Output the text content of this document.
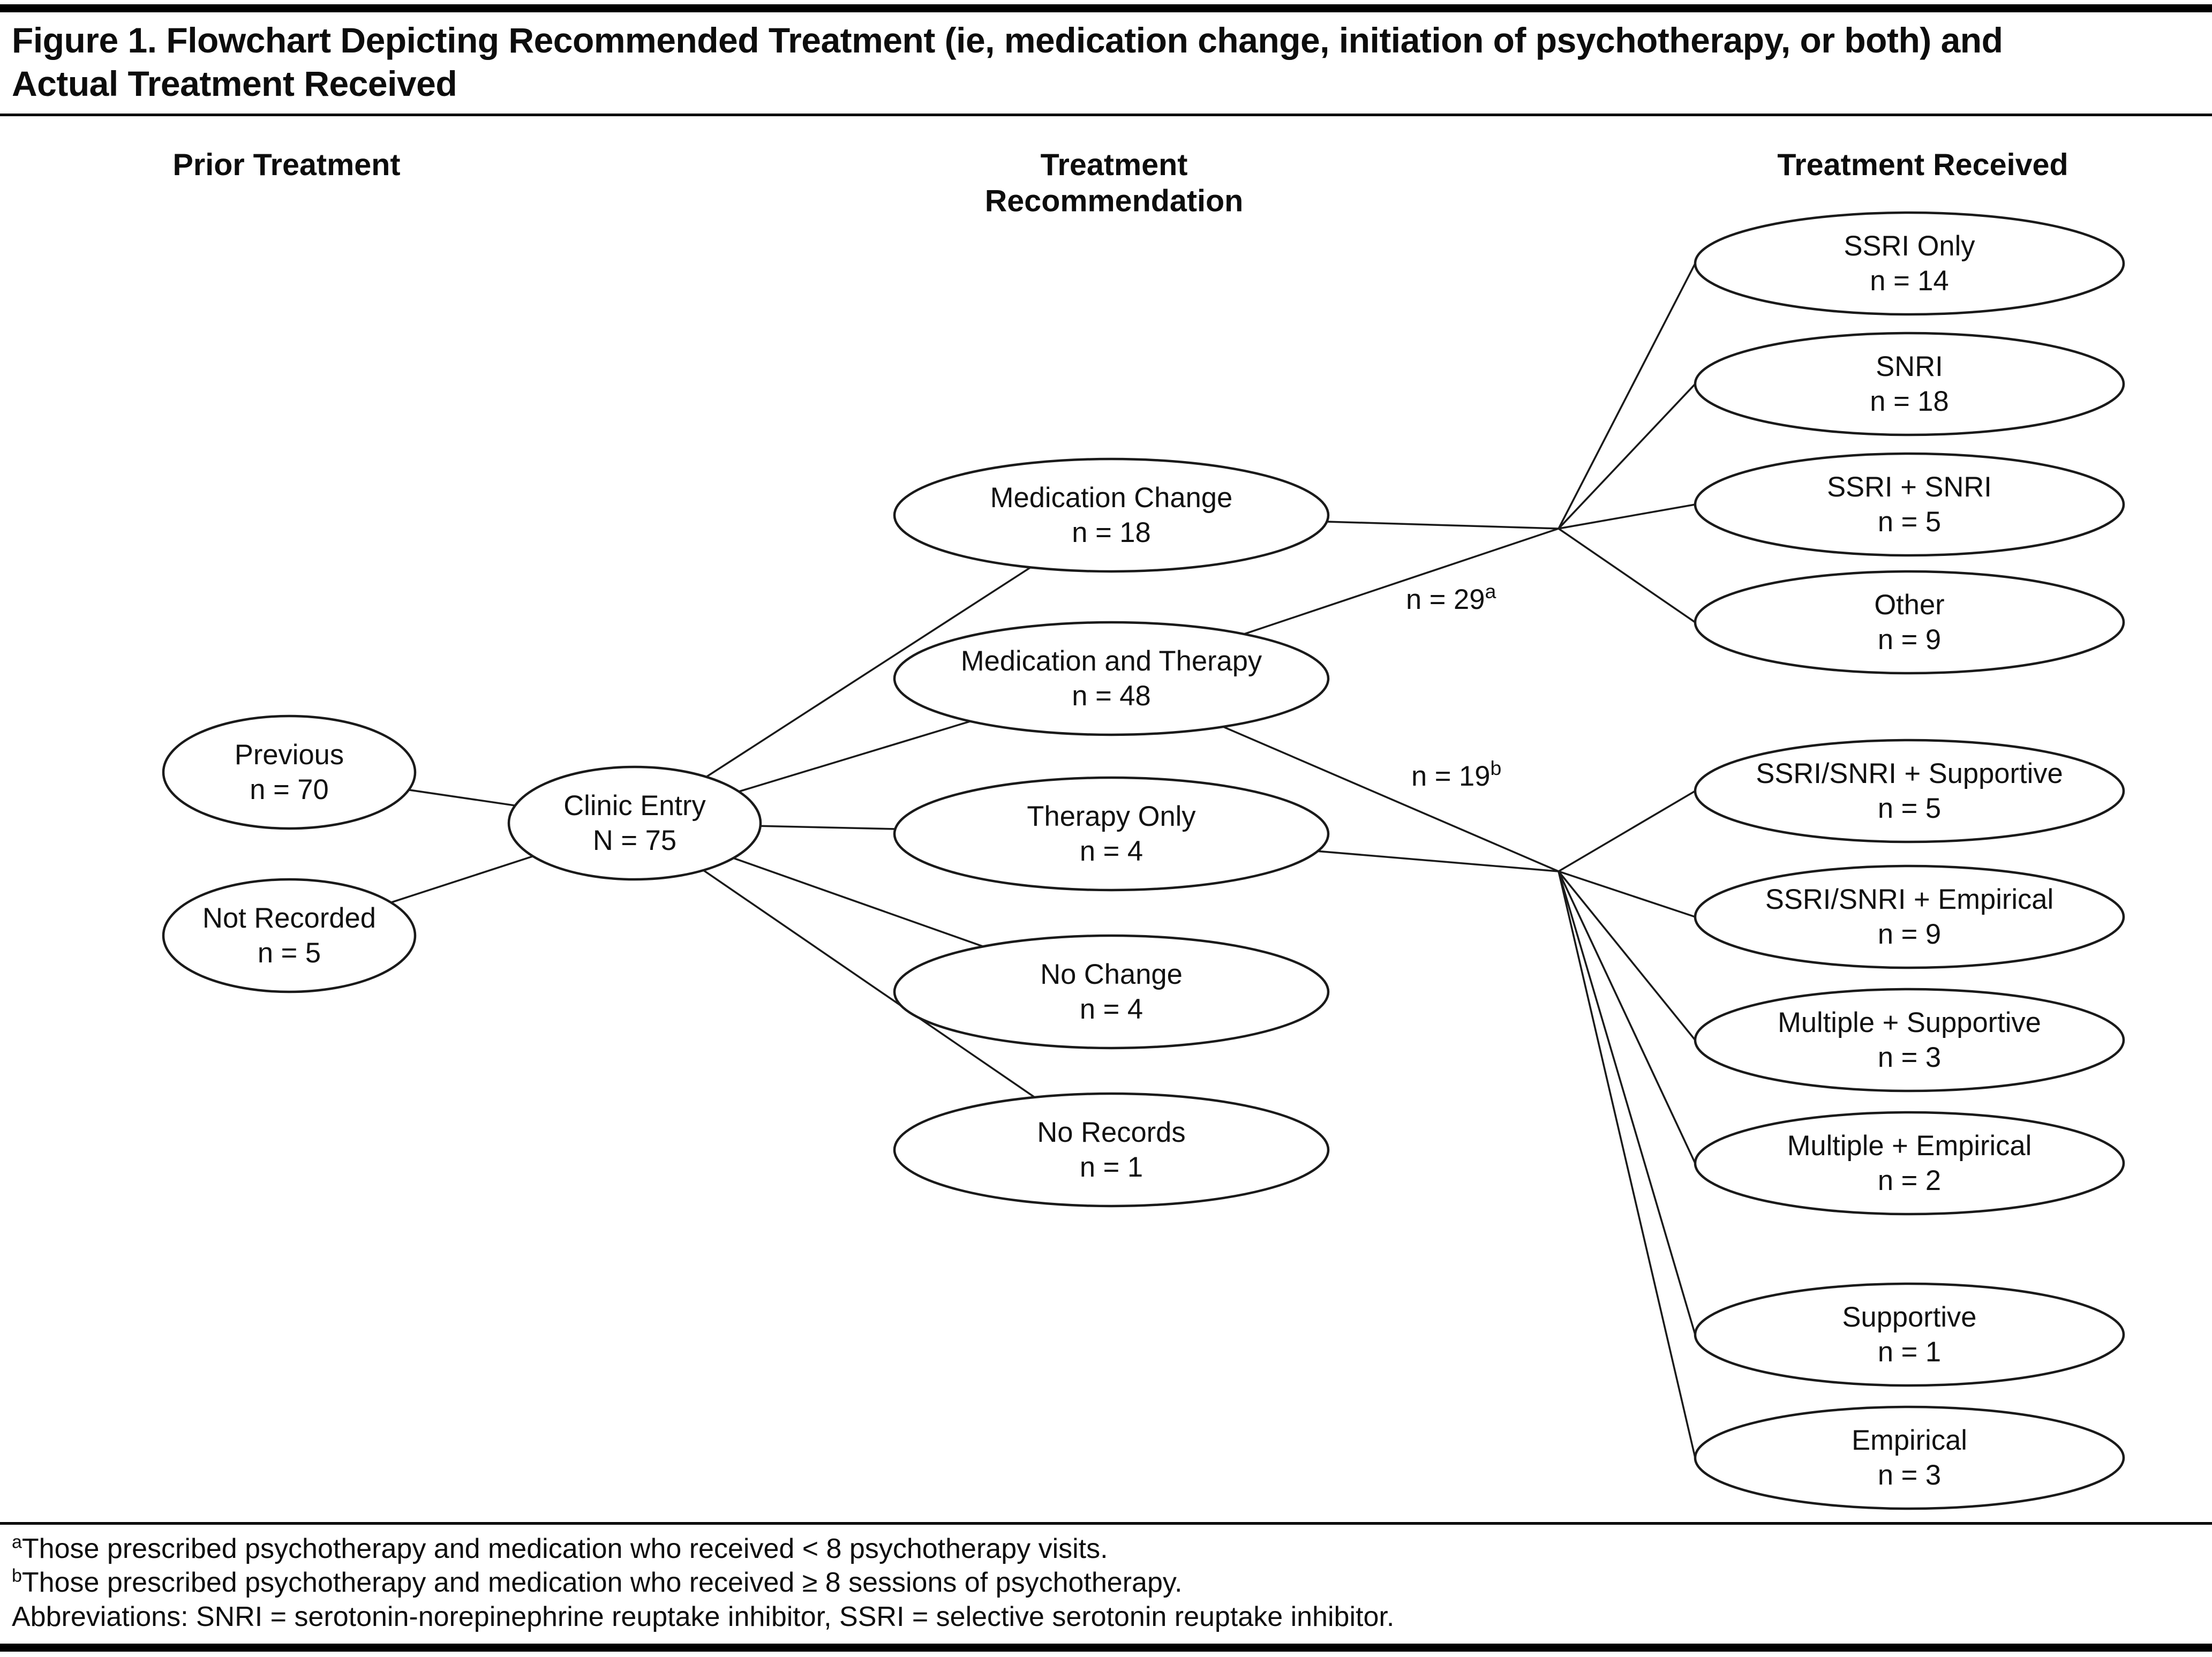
Figure 1. Flowchart Depicting Recommended Treatment (ie, medication change, initiation of psychotherapy, or both) and
Actual Treatment Received
Prior Treatment	Treatment
Recommendation
Treatment Received
Previous
n = 70
Not Recorded
n = 5
Clinic Entry
N = 75
Medication Change
n = 18
Medication and Therapy
n = 48
Therapy Only
n = 4
No Change
n = 4
No Records
n = 1
SSRI Only
n = 14
SNRI
n = 18
SSRI + SNRI
n = 5
Other
n = 9
SSRI/SNRI + Supportive
n = 5
SSRI/SNRI + Empirical
n = 9
Multiple + Supportive
n = 3
Multiple + Empirical
n = 2
Supportive
n = 1
Empirical
n = 3
$n = 29^a$
$n = 19^b$

$^a$Those prescribed psychotherapy and medication who received < 8 psychotherapy visits.

$^b$Those prescribed psychotherapy and medication who received ≥ 8 sessions of psychotherapy.

Abbreviations: SNRI = serotonin-norepinephrine reuptake inhibitor, SSRI = selective serotonin reuptake inhibitor.
